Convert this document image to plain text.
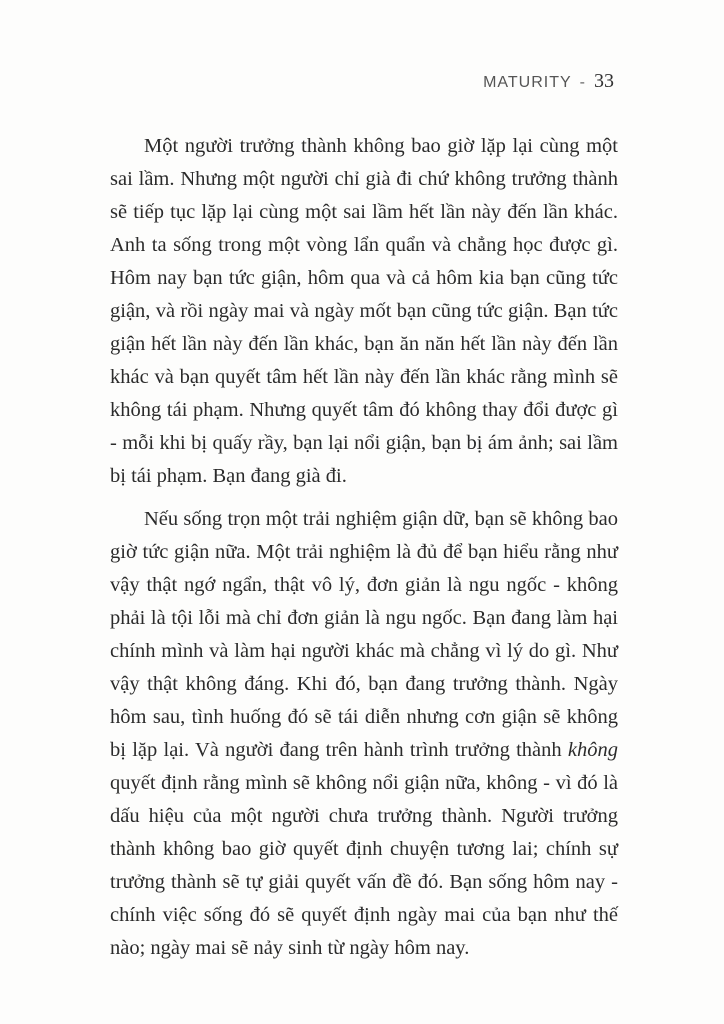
MATURITY - 33

Một người trưởng thành không bao giờ lặp lại cùng một sai lầm. Nhưng một người chỉ già đi chứ không trưởng thành sẽ tiếp tục lặp lại cùng một sai lầm hết lần này đến lần khác. Anh ta sống trong một vòng lẩn quẩn và chẳng học được gì. Hôm nay bạn tức giận, hôm qua và cả hôm kia bạn cũng tức giận, và rồi ngày mai và ngày mốt bạn cũng tức giận. Bạn tức giận hết lần này đến lần khác, bạn ăn năn hết lần này đến lần khác và bạn quyết tâm hết lần này đến lần khác rằng mình sẽ không tái phạm. Nhưng quyết tâm đó không thay đổi được gì - mỗi khi bị quấy rầy, bạn lại nổi giận, bạn bị ám ảnh; sai lầm bị tái phạm. Bạn đang già đi.

Nếu sống trọn một trải nghiệm giận dữ, bạn sẽ không bao giờ tức giận nữa. Một trải nghiệm là đủ để bạn hiểu rằng như vậy thật ngớ ngẩn, thật vô lý, đơn giản là ngu ngốc - không phải là tội lỗi mà chỉ đơn giản là ngu ngốc. Bạn đang làm hại chính mình và làm hại người khác mà chẳng vì lý do gì. Như vậy thật không đáng. Khi đó, bạn đang trưởng thành. Ngày hôm sau, tình huống đó sẽ tái diễn nhưng cơn giận sẽ không bị lặp lại. Và người đang trên hành trình trưởng thành không quyết định rằng mình sẽ không nổi giận nữa, không - vì đó là dấu hiệu của một người chưa trưởng thành. Người trưởng thành không bao giờ quyết định chuyện tương lai; chính sự trưởng thành sẽ tự giải quyết vấn đề đó. Bạn sống hôm nay - chính việc sống đó sẽ quyết định ngày mai của bạn như thế nào; ngày mai sẽ nảy sinh từ ngày hôm nay.
